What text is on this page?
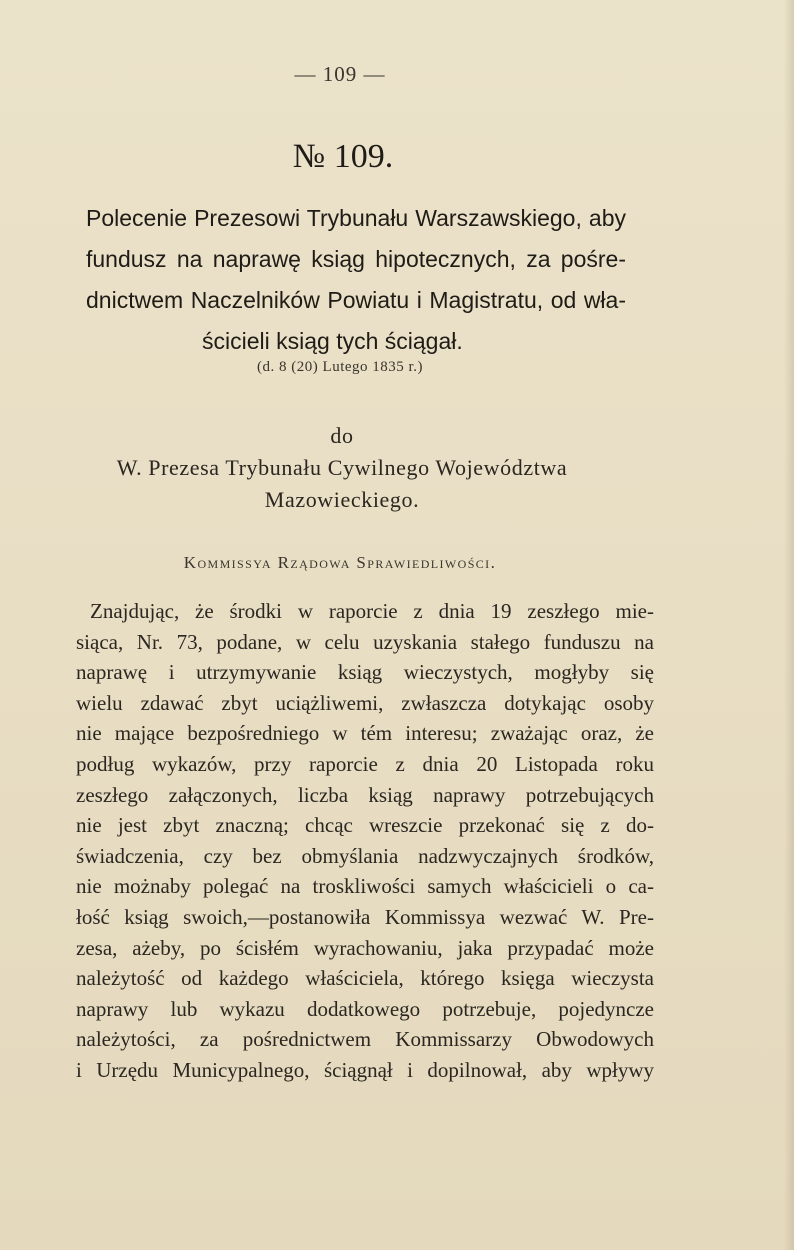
— 109 —
№ 109.
Polecenie Prezesowi Trybunału Warszawskiego, aby
fundusz na naprawę ksiąg hipotecznych, za pośre-
dnictwem Naczelników Powiatu i Magistratu, od wła-
ścicieli ksiąg tych ściągał.
(d. 8 (20) Lutego 1835 r.)
do
W. Prezesa Trybunału Cywilnego Województwa
Mazowieckiego.
Kommissya Rządowa Sprawiedliwości.
Znajdując, że środki w raporcie z dnia 19 zeszłego mie-
siąca, Nr. 73, podane, w celu uzyskania stałego funduszu na
naprawę i utrzymywanie ksiąg wieczystych, mogłyby się
wielu zdawać zbyt uciążliwemi, zwłaszcza dotykając osoby
nie mające bezpośredniego w tém interesu; zważając oraz, że
podług wykazów, przy raporcie z dnia 20 Listopada roku
zeszłego załączonych, liczba ksiąg naprawy potrzebujących
nie jest zbyt znaczną; chcąc wreszcie przekonać się z do-
świadczenia, czy bez obmyślania nadzwyczajnych środków,
nie możnaby polegać na troskliwości samych właścicieli o ca-
łość ksiąg swoich,—postanowiła Kommissya wezwać W. Pre-
zesa, ażeby, po ścisłém wyrachowaniu, jaka przypadać może
należytość od każdego właściciela, którego księga wieczysta
naprawy lub wykazu dodatkowego potrzebuje, pojedyncze
należytości, za pośrednictwem Kommissarzy Obwodowych
i Urzędu Municypalnego, ściągnął i dopilnował, aby wpływy
